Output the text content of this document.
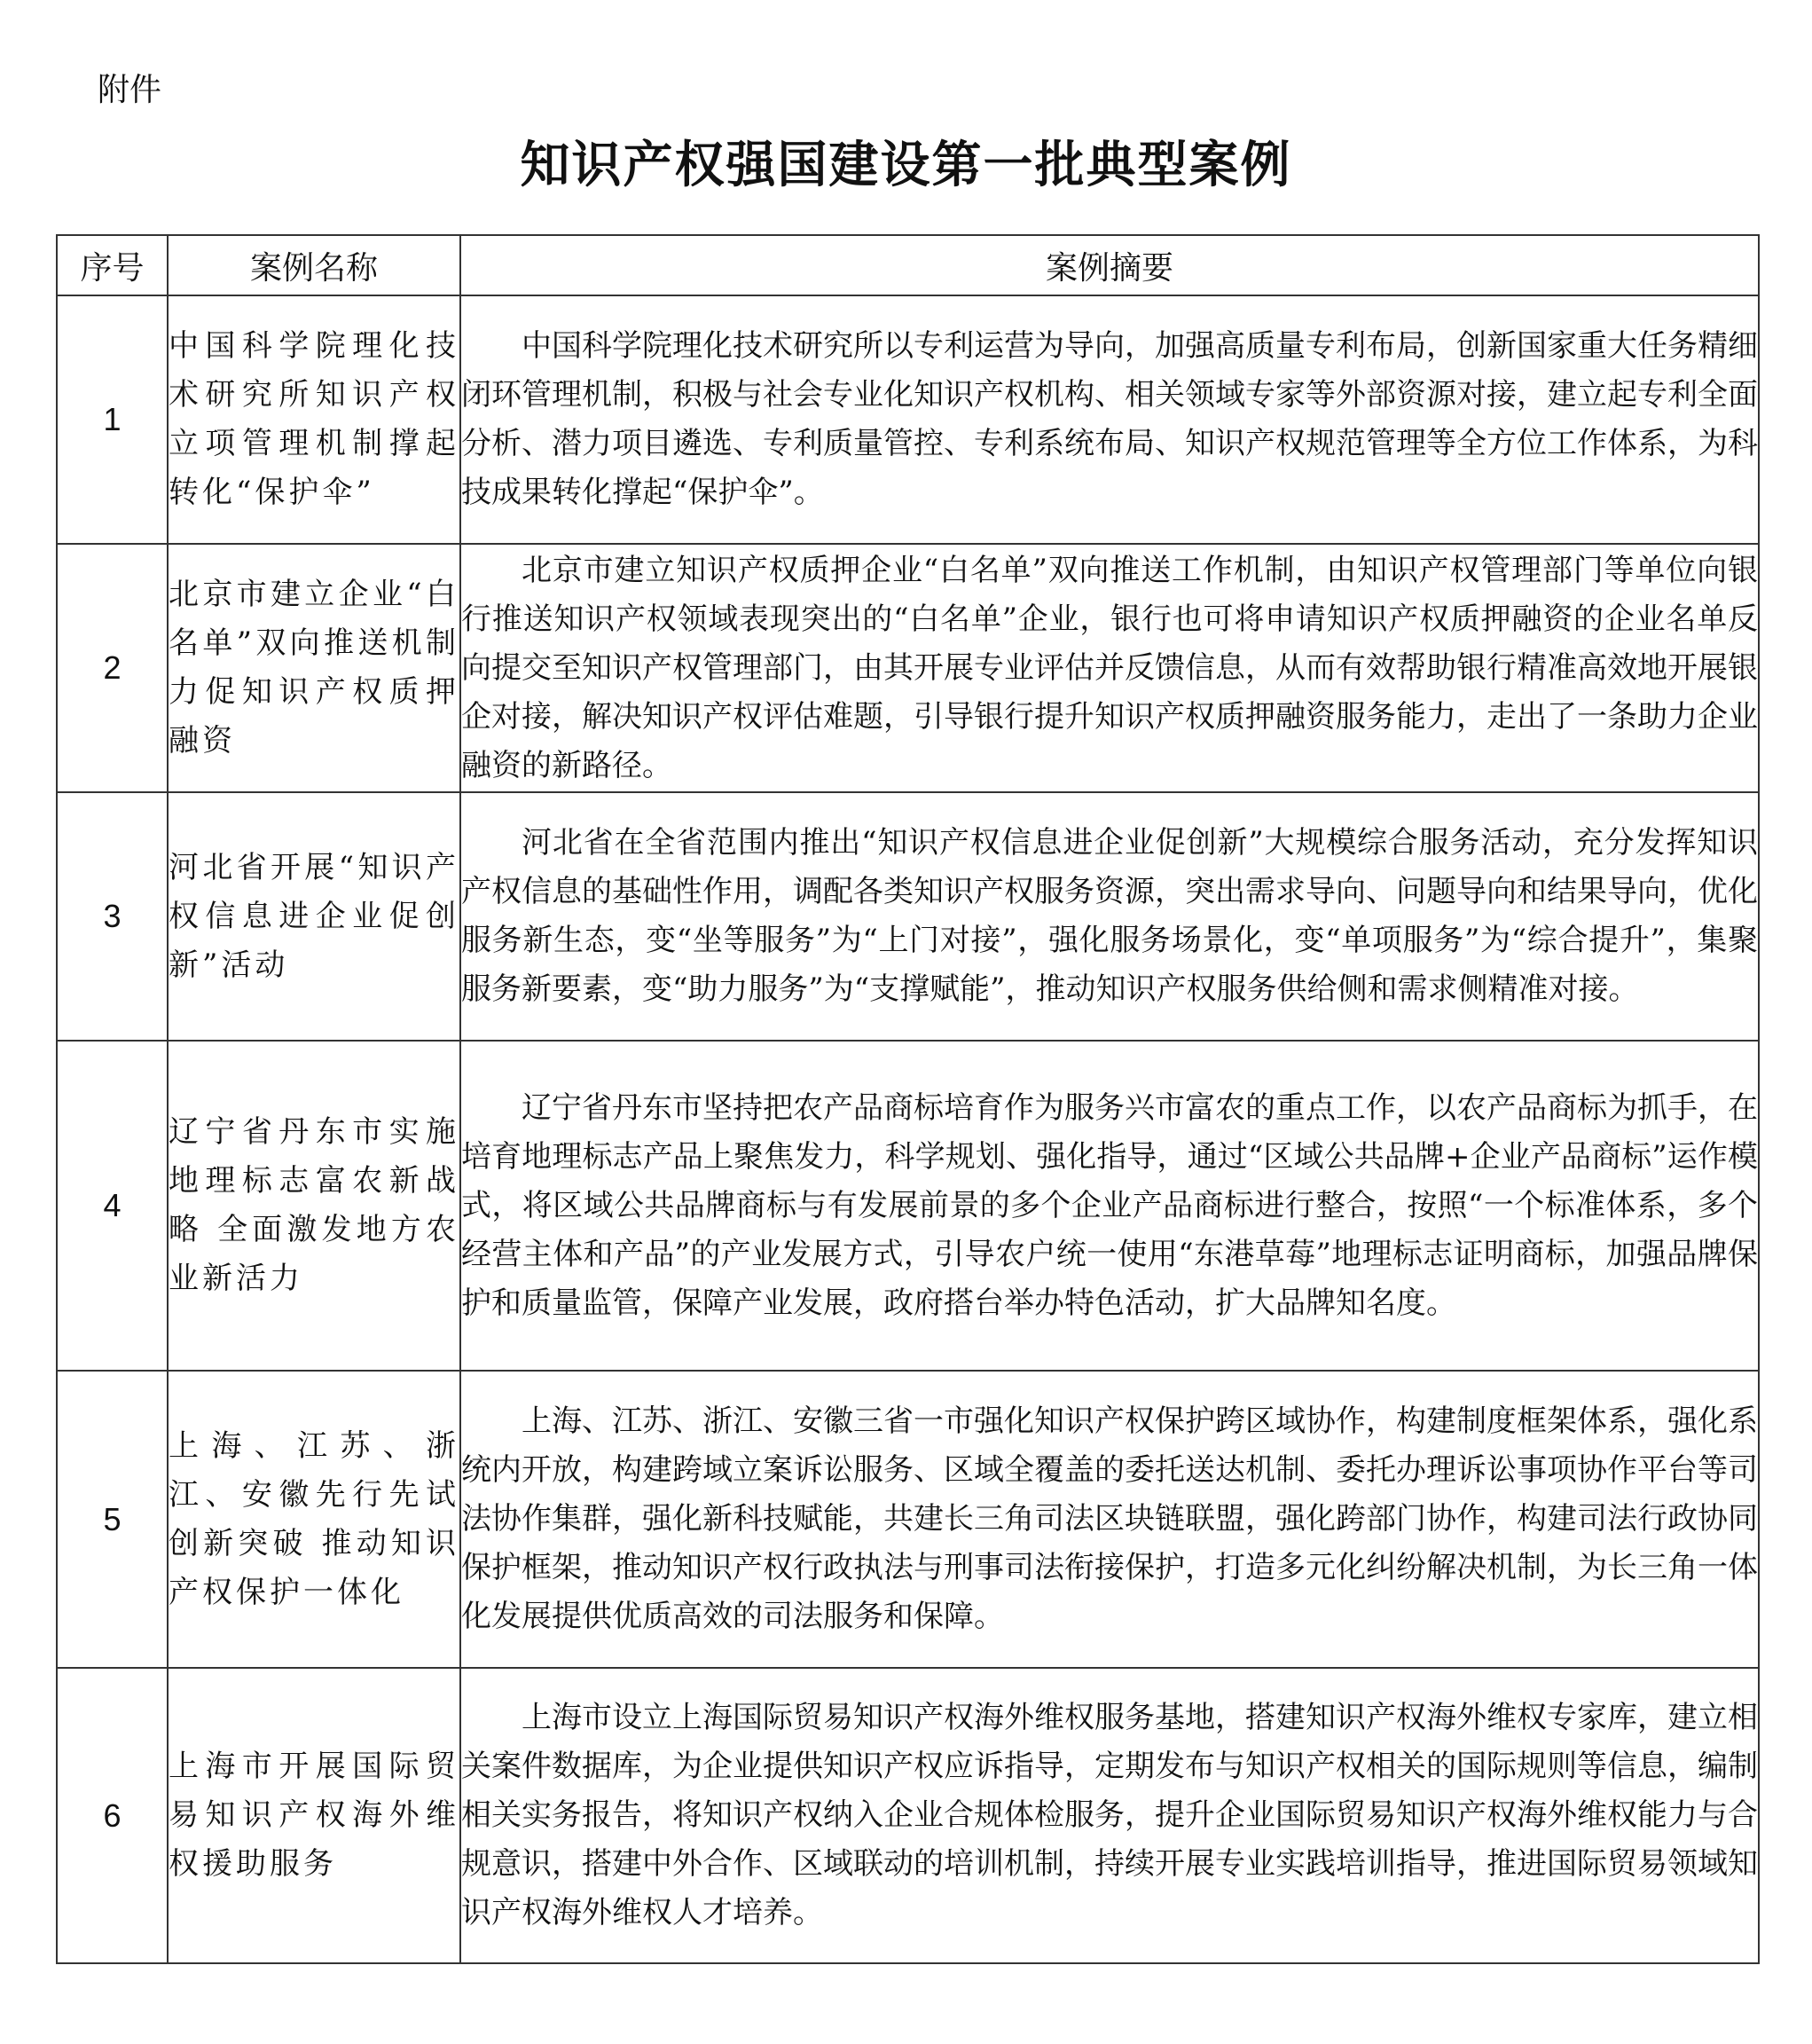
附件
知识产权强国建设第一批典型案例
序号	案例名称	案例摘要
1	中国科学院理化技术研究所知识产权立项管理机制撑起转化“保护伞”	中国科学院理化技术研究所以专利运营为导向，加强高质量专利布局，创新国家重大任务精细闭环管理机制，积极与社会专业化知识产权机构、相关领域专家等外部资源对接，建立起专利全面分析、潜力项目遴选、专利质量管控、专利系统布局、知识产权规范管理等全方位工作体系，为科技成果转化撑起“保护伞”。
2	北京市建立企业“白名单”双向推送机制 力促知识产权质押融资	北京市建立知识产权质押企业“白名单”双向推送工作机制，由知识产权管理部门等单位向银行推送知识产权领域表现突出的“白名单”企业，银行也可将申请知识产权质押融资的企业名单反向提交至知识产权管理部门，由其开展专业评估并反馈信息，从而有效帮助银行精准高效地开展银企对接，解决知识产权评估难题，引导银行提升知识产权质押融资服务能力，走出了一条助力企业融资的新路径。
3	河北省开展“知识产权信息进企业促创新”活动	河北省在全省范围内推出“知识产权信息进企业促创新”大规模综合服务活动，充分发挥知识产权信息的基础性作用，调配各类知识产权服务资源，突出需求导向、问题导向和结果导向，优化服务新生态，变“坐等服务”为“上门对接”，强化服务场景化，变“单项服务”为“综合提升”，集聚服务新要素，变“助力服务”为“支撑赋能”，推动知识产权服务供给侧和需求侧精准对接。
4	辽宁省丹东市实施地理标志富农新战略 全面激发地方农业新活力	辽宁省丹东市坚持把农产品商标培育作为服务兴市富农的重点工作，以农产品商标为抓手，在培育地理标志产品上聚焦发力，科学规划、强化指导，通过“区域公共品牌+企业产品商标”运作模式，将区域公共品牌商标与有发展前景的多个企业产品商标进行整合，按照“一个标准体系，多个经营主体和产品”的产业发展方式，引导农户统一使用“东港草莓”地理标志证明商标，加强品牌保护和质量监管，保障产业发展，政府搭台举办特色活动，扩大品牌知名度。
5	上海、江苏、浙江、安徽先行先试创新突破 推动知识产权保护一体化	上海、江苏、浙江、安徽三省一市强化知识产权保护跨区域协作，构建制度框架体系，强化系统内开放，构建跨域立案诉讼服务、区域全覆盖的委托送达机制、委托办理诉讼事项协作平台等司法协作集群，强化新科技赋能，共建长三角司法区块链联盟，强化跨部门协作，构建司法行政协同保护框架，推动知识产权行政执法与刑事司法衔接保护，打造多元化纠纷解决机制，为长三角一体化发展提供优质高效的司法服务和保障。
6	上海市开展国际贸易知识产权海外维权援助服务	上海市设立上海国际贸易知识产权海外维权服务基地，搭建知识产权海外维权专家库，建立相关案件数据库，为企业提供知识产权应诉指导，定期发布与知识产权相关的国际规则等信息，编制相关实务报告，将知识产权纳入企业合规体检服务，提升企业国际贸易知识产权海外维权能力与合规意识，搭建中外合作、区域联动的培训机制，持续开展专业实践培训指导，推进国际贸易领域知识产权海外维权人才培养。
